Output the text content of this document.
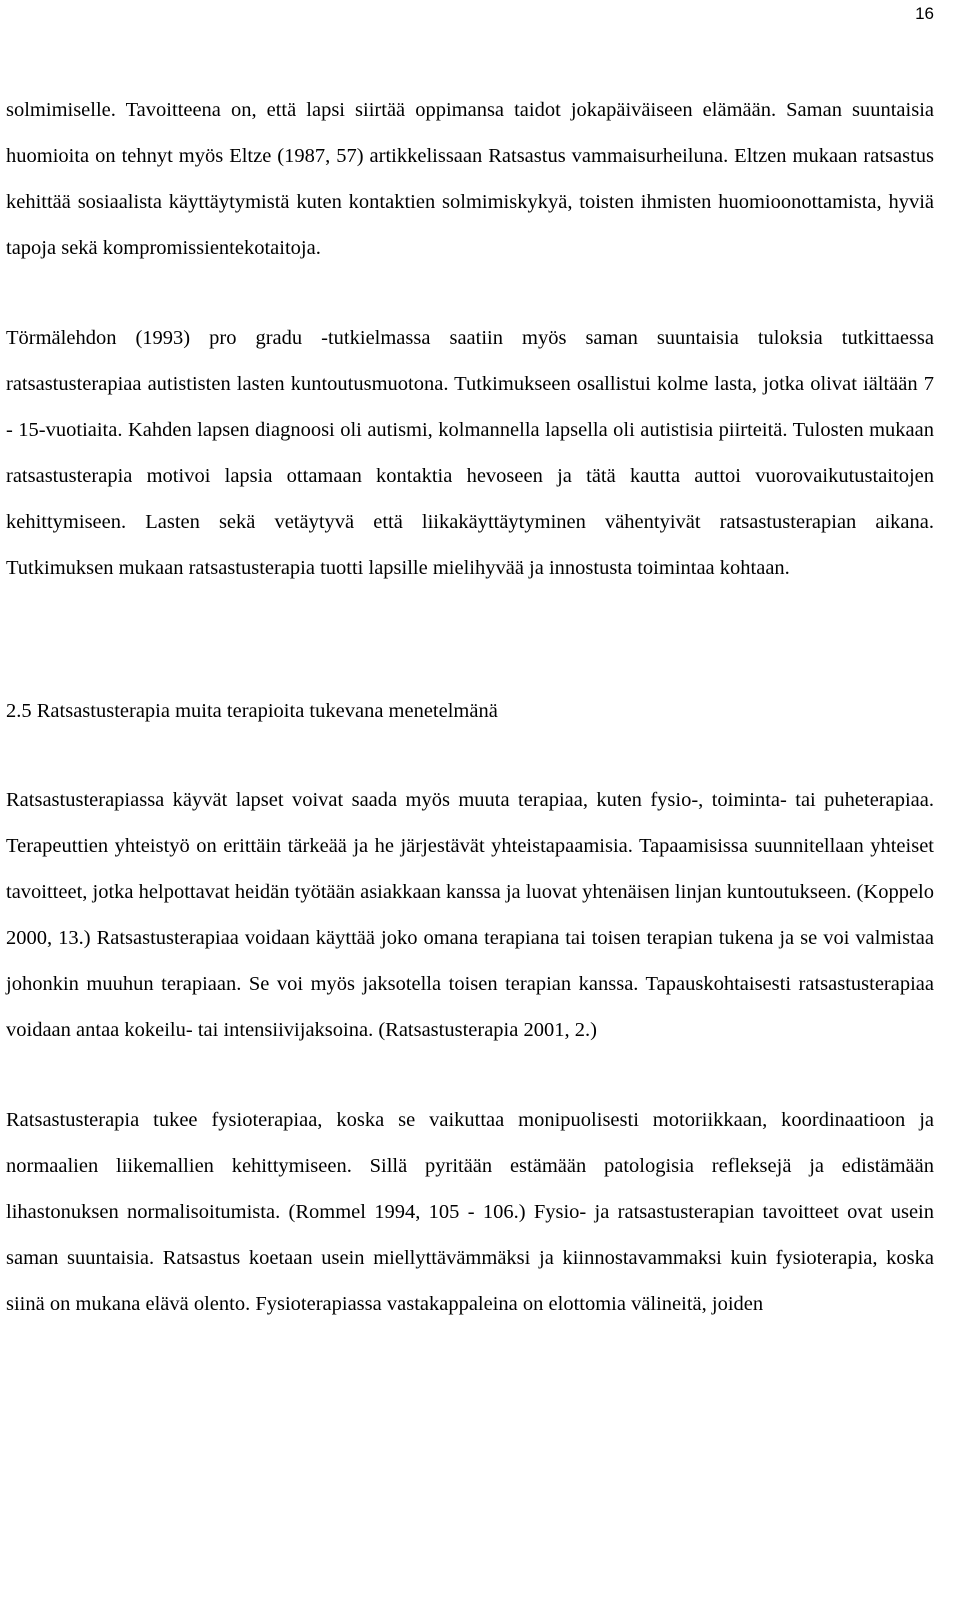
16

solmimiselle. Tavoitteena on, että lapsi siirtää oppimansa taidot jokapäiväiseen elämään. Saman suuntaisia huomioita on tehnyt myös Eltze (1987, 57) artikkelissaan Ratsastus vammaisurheiluna. Eltzen mukaan ratsastus kehittää sosiaalista käyttäytymistä kuten kontaktien solmimiskykyä, toisten ihmisten huomioonottamista, hyviä tapoja sekä kompromissientekotaitoja.

Törmälehdon (1993) pro gradu -tutkielmassa saatiin myös saman suuntaisia tuloksia tutkittaessa ratsastusterapiaa autististen lasten kuntoutusmuotona. Tutkimukseen osallistui kolme lasta, jotka olivat iältään 7 - 15-vuotiaita. Kahden lapsen diagnoosi oli autismi, kolmannella lapsella oli autistisia piirteitä. Tulosten mukaan ratsastusterapia motivoi lapsia ottamaan kontaktia hevoseen ja tätä kautta auttoi vuorovaikutustaitojen kehittymiseen. Lasten sekä vetäytyvä että liikakäyttäytyminen vähentyivät ratsastusterapian aikana. Tutkimuksen mukaan ratsastusterapia tuotti lapsille mielihyvää ja innostusta toimintaa kohtaan.

2.5 Ratsastusterapia muita terapioita tukevana menetelmänä

Ratsastusterapiassa käyvät lapset voivat saada myös muuta terapiaa, kuten fysio-, toiminta- tai puheterapiaa. Terapeuttien yhteistyö on erittäin tärkeää ja he järjestävät yhteistapaamisia. Tapaamisissa suunnitellaan yhteiset tavoitteet, jotka helpottavat heidän työtään asiakkaan kanssa ja luovat yhtenäisen linjan kuntoutukseen. (Koppelo 2000, 13.) Ratsastusterapiaa voidaan käyttää joko omana terapiana tai toisen terapian tukena ja se voi valmistaa johonkin muuhun terapiaan. Se voi myös jaksotella toisen terapian kanssa. Tapauskohtaisesti ratsastusterapiaa voidaan antaa kokeilu- tai intensiivijaksoina. (Ratsastusterapia 2001, 2.)

Ratsastusterapia tukee fysioterapiaa, koska se vaikuttaa monipuolisesti motoriikkaan, koordinaatioon ja normaalien liikemallien kehittymiseen. Sillä pyritään estämään patologisia refleksejä ja edistämään lihastonuksen normalisoitumista. (Rommel 1994, 105 - 106.) Fysio- ja ratsastusterapian tavoitteet ovat usein saman suuntaisia. Ratsastus koetaan usein miellyttävämmäksi ja kiinnostavammaksi kuin fysioterapia, koska siinä on mukana elävä olento. Fysioterapiassa vastakappaleina on elottomia välineitä, joiden
